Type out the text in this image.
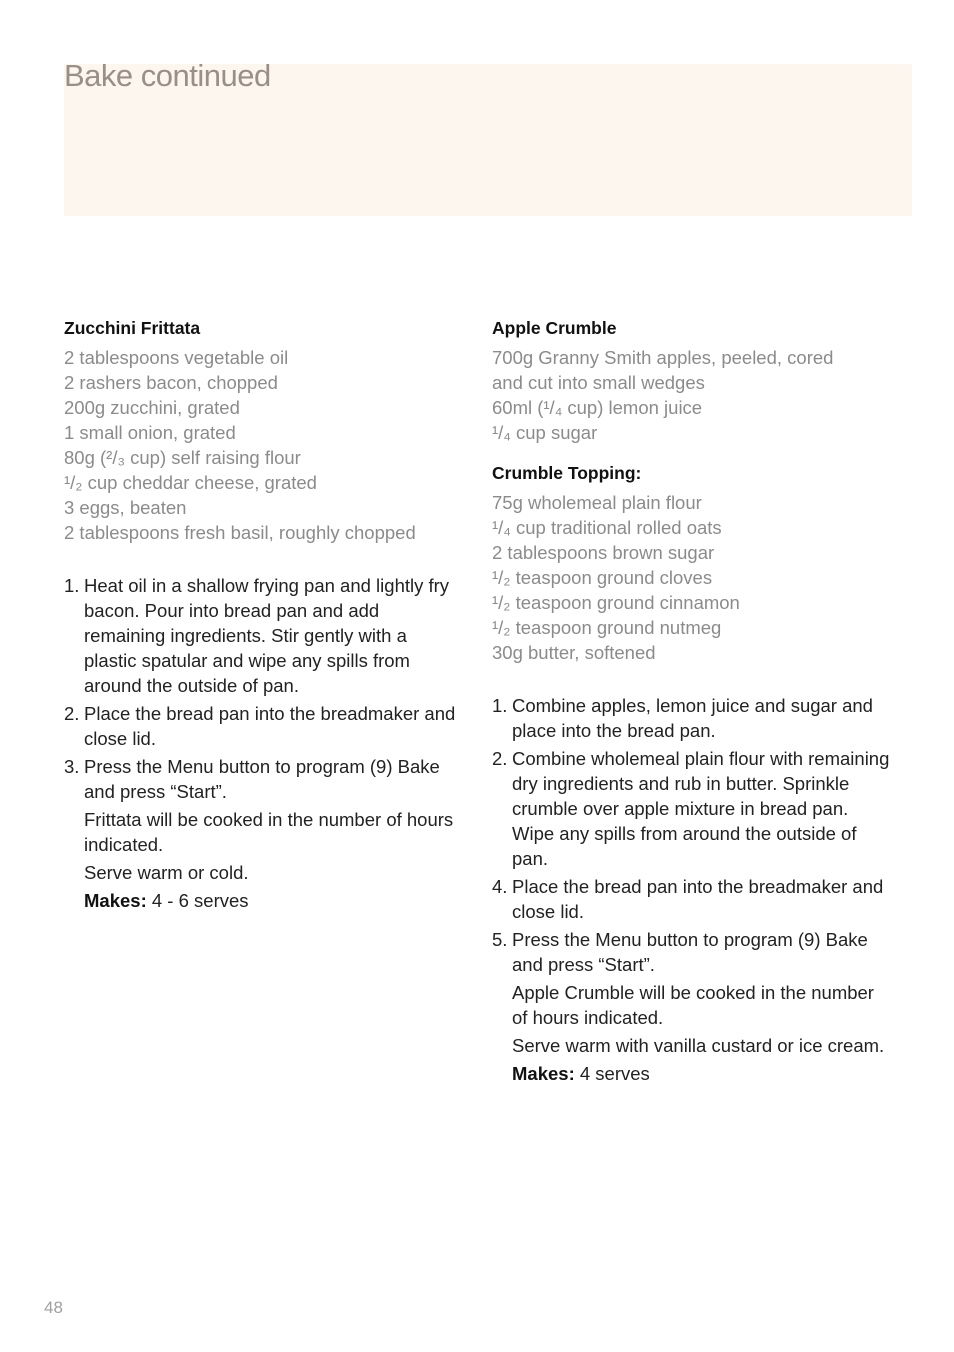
Bake continued
Zucchini Frittata
2 tablespoons vegetable oil
2 rashers bacon, chopped
200g zucchini, grated
1 small onion, grated
80g (²/₃ cup) self raising flour
¹/₂ cup cheddar cheese, grated
3 eggs, beaten
2 tablespoons fresh basil, roughly chopped
1. Heat oil in a shallow frying pan and lightly fry bacon. Pour into bread pan and add remaining ingredients. Stir gently with a plastic spatular and wipe any spills from around the outside of pan.
2. Place the bread pan into the breadmaker and close lid.
3. Press the Menu button to program (9) Bake and press “Start”.

Frittata will be cooked in the number of hours indicated.

Serve warm or cold.

Makes: 4 - 6 serves

Apple Crumble
700g Granny Smith apples, peeled, cored
and cut into small wedges
60ml (¹/₄ cup) lemon juice
¹/₄ cup sugar
Crumble Topping:
75g wholemeal plain flour
¹/₄ cup traditional rolled oats
2 tablespoons brown sugar
¹/₂ teaspoon ground cloves
¹/₂ teaspoon ground cinnamon
¹/₂ teaspoon ground nutmeg
30g butter, softened
1. Combine apples, lemon juice and sugar and place into the bread pan.
2. Combine wholemeal plain flour with remaining dry ingredients and rub in butter. Sprinkle crumble over apple mixture in bread pan. Wipe any spills from around the outside of pan.
4. Place the bread pan into the breadmaker and close lid.
5. Press the Menu button to program (9) Bake and press “Start”.

Apple Crumble will be cooked in the number of hours indicated.

Serve warm with vanilla custard or ice cream.

Makes: 4 serves

48
